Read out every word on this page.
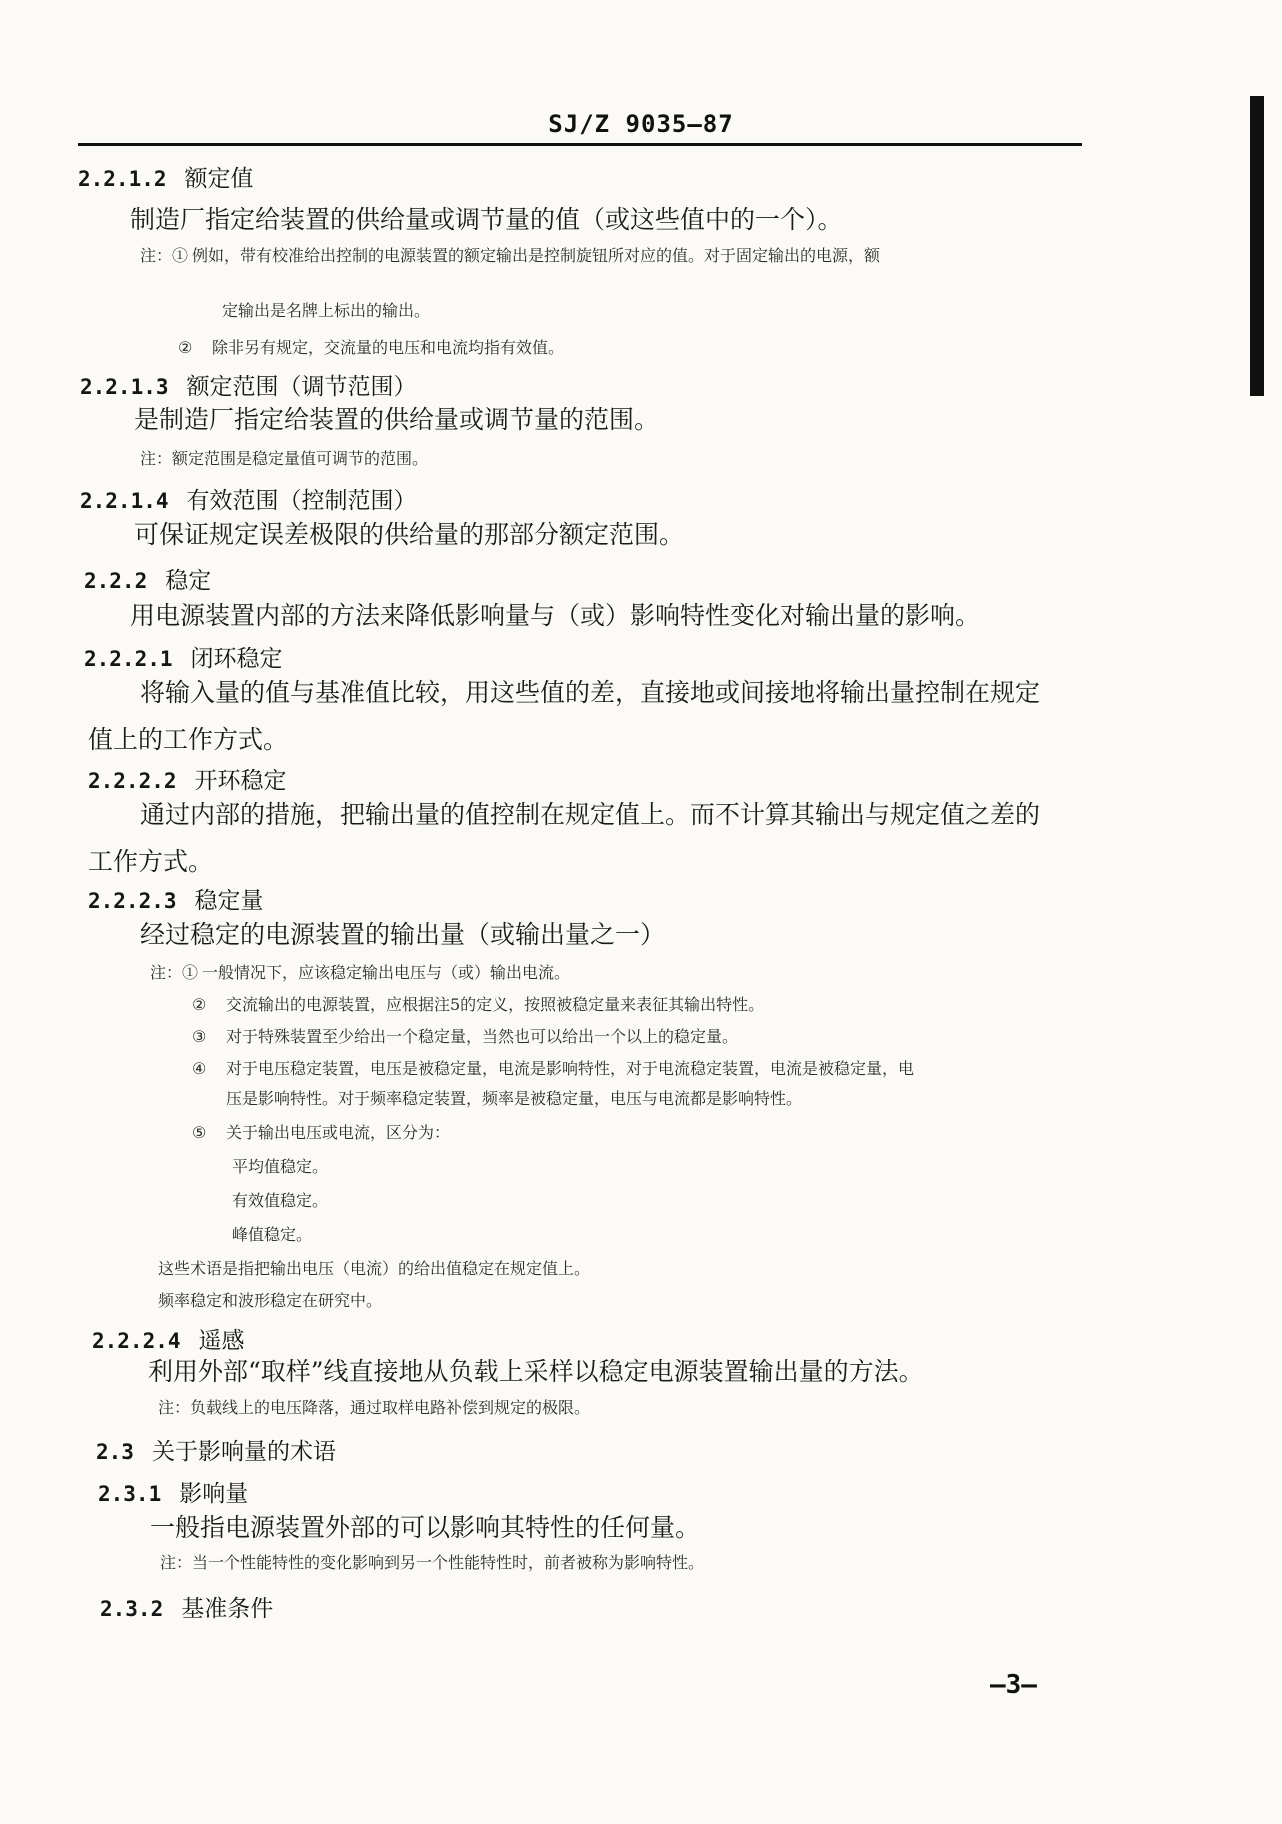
SJ/Z 9035—87
2.2.1.2 额定值
制造厂指定给装置的供给量或调节量的值（或这些值中的一个）。
注：① 例如，带有校准给出控制的电源装置的额定输出是控制旋钮所对应的值。对于固定输出的电源，额
定输出是名牌上标出的输出。
② 除非另有规定，交流量的电压和电流均指有效值。
2.2.1.3 额定范围（调节范围）
是制造厂指定给装置的供给量或调节量的范围。
注：额定范围是稳定量值可调节的范围。
2.2.1.4 有效范围（控制范围）
可保证规定误差极限的供给量的那部分额定范围。
2.2.2 稳定
用电源装置内部的方法来降低影响量与（或）影响特性变化对输出量的影响。
2.2.2.1 闭环稳定
将输入量的值与基准值比较，用这些值的差，直接地或间接地将输出量控制在规定
值上的工作方式。
2.2.2.2 开环稳定
通过内部的措施，把输出量的值控制在规定值上。而不计算其输出与规定值之差的
工作方式。
2.2.2.3 稳定量
经过稳定的电源装置的输出量（或输出量之一）
注：① 一般情况下，应该稳定输出电压与（或）输出电流。
② 交流输出的电源装置，应根据注5的定义，按照被稳定量来表征其输出特性。
③ 对于特殊装置至少给出一个稳定量，当然也可以给出一个以上的稳定量。
④ 对于电压稳定装置，电压是被稳定量，电流是影响特性，对于电流稳定装置，电流是被稳定量，电
压是影响特性。对于频率稳定装置，频率是被稳定量，电压与电流都是影响特性。
⑤ 关于输出电压或电流，区分为：
平均值稳定。
有效值稳定。
峰值稳定。
这些术语是指把输出电压（电流）的给出值稳定在规定值上。
频率稳定和波形稳定在研究中。
2.2.2.4 遥感
利用外部“取样”线直接地从负载上采样以稳定电源装置输出量的方法。
注：负载线上的电压降落，通过取样电路补偿到规定的极限。
2.3 关于影响量的术语
2.3.1 影响量
一般指电源装置外部的可以影响其特性的任何量。
注：当一个性能特性的变化影响到另一个性能特性时，前者被称为影响特性。
2.3.2 基准条件
—3—
